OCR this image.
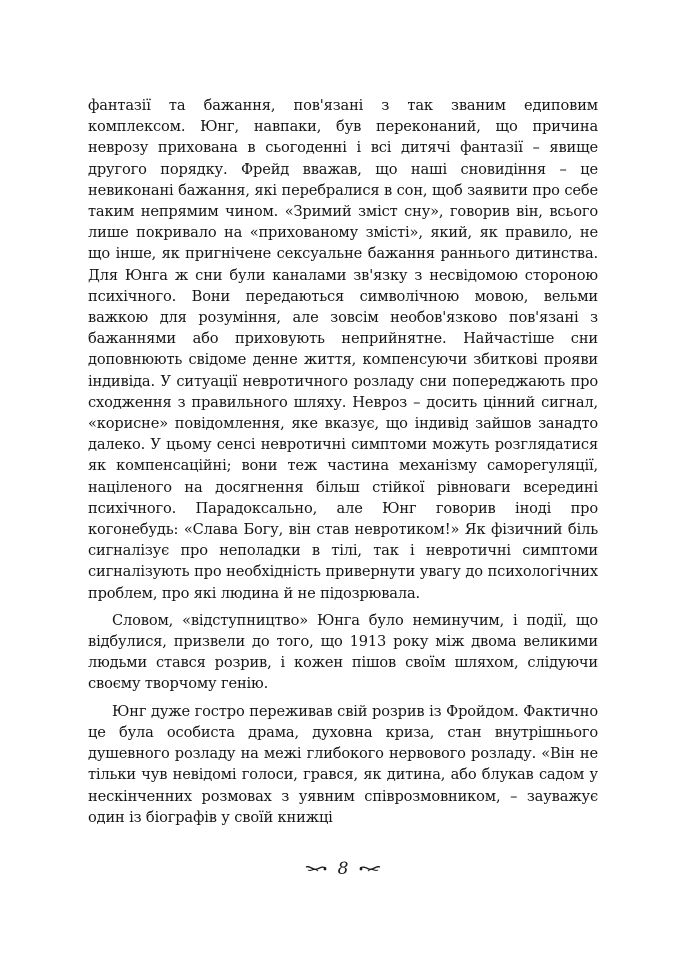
фантазії та бажання, пов'язані з так званим едиповим комплексом. Юнг, навпаки, був переконаний, що причина неврозу прихована в сьогоденні і всі дитячі фантазії – явище другого порядку. Фрейд вважав, що наші сновидіння – це невиконані бажання, які перебралися в сон, щоб заявити про себе таким непрямим чином. «Зримий зміст сну», говорив він, всього лише покривало на «прихованому змісті», який, як правило, не що інше, як пригнічене сексуальне бажання раннього дитинства. Для Юнга ж сни були каналами зв'язку з несвідомою стороною психічного. Вони передаються символічною мовою, вельми важкою для розуміння, але зовсім необов'язково пов'язані з бажаннями або приховують неприйнятне. Найчастіше сни доповнюють свідоме денне життя, компенсуючи збиткові прояви індивіда. У ситуації невротичного розладу сни попереджають про сходження з правильного шляху. Невроз – досить цінний сигнал, «корисне» повідомлення, яке вказує, що індивід зайшов занадто далеко. У цьому сенсі невротичні симптоми можуть розглядатися як компенсаційні; вони теж частина механізму саморегуляції, націленого на досягнення більш стійкої рівноваги всередині психічного. Парадоксально, але Юнг говорив іноді про когонебудь: «Слава Богу, він став невротиком!» Як фізичний біль сигналізує про неполадки в тілі, так і невротичні симптоми сигналізують про необхідність привернути увагу до психологічних проблем, про які людина й не підозрювала.

Словом, «відступництво» Юнга було неминучим, і події, що відбулися, призвели до того, що 1913 року між двома великими людьми стався розрив, і кожен пішов своїм шляхом, слідуючи своєму творчому генію.

Юнг дуже гостро переживав свій розрив із Фройдом. Фактично це була особиста драма, духовна криза, стан внутрішнього душевного розладу на межі глибокого нервового розладу. «Він не тільки чув невідомі голоси, грався, як дитина, або блукав садом у нескінченних розмовах з уявним співрозмовником, – зауважує один із біографів у своїй книжці

8
